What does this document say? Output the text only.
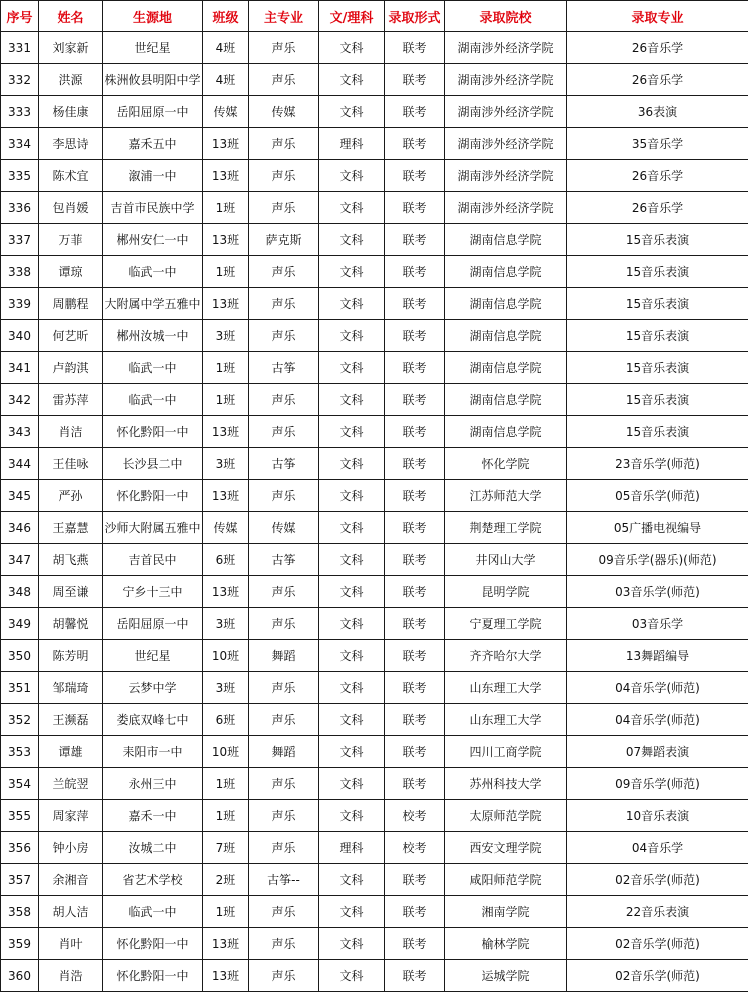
序号	姓名	生源地	班级	主专业	文/理科	录取形式	录取院校	录取专业
331	刘家新	世纪星	4班	声乐	文科	联考	湖南涉外经济学院	26音乐学
332	洪源	株洲攸县明阳中学	4班	声乐	文科	联考	湖南涉外经济学院	26音乐学
333	杨佳康	岳阳屈原一中	传媒	传媒	文科	联考	湖南涉外经济学院	36表演
334	李思诗	嘉禾五中	13班	声乐	理科	联考	湖南涉外经济学院	35音乐学
335	陈术宜	溆浦一中	13班	声乐	文科	联考	湖南涉外经济学院	26音乐学
336	包肖媛	吉首市民族中学	1班	声乐	文科	联考	湖南涉外经济学院	26音乐学
337	万菲	郴州安仁一中	13班	萨克斯	文科	联考	湖南信息学院	15音乐表演
338	谭琼	临武一中	1班	声乐	文科	联考	湖南信息学院	15音乐表演
339	周鹏程	大附属中学五雅中	13班	声乐	文科	联考	湖南信息学院	15音乐表演
340	何艺昕	郴州汝城一中	3班	声乐	文科	联考	湖南信息学院	15音乐表演
341	卢韵淇	临武一中	1班	古筝	文科	联考	湖南信息学院	15音乐表演
342	雷苏萍	临武一中	1班	声乐	文科	联考	湖南信息学院	15音乐表演
343	肖洁	怀化黔阳一中	13班	声乐	文科	联考	湖南信息学院	15音乐表演
344	王佳咏	长沙县二中	3班	古筝	文科	联考	怀化学院	23音乐学(师范)
345	严孙	怀化黔阳一中	13班	声乐	文科	联考	江苏师范大学	05音乐学(师范)
346	王嘉慧	沙师大附属五雅中	传媒	传媒	文科	联考	荆楚理工学院	05广播电视编导
347	胡飞燕	吉首民中	6班	古筝	文科	联考	井冈山大学	09音乐学(器乐)(师范)
348	周至谦	宁乡十三中	13班	声乐	文科	联考	昆明学院	03音乐学(师范)
349	胡馨悦	岳阳屈原一中	3班	声乐	文科	联考	宁夏理工学院	03音乐学
350	陈芳明	世纪星	10班	舞蹈	文科	联考	齐齐哈尔大学	13舞蹈编导
351	邹瑞琦	云梦中学	3班	声乐	文科	联考	山东理工大学	04音乐学(师范)
352	王濒磊	娄底双峰七中	6班	声乐	文科	联考	山东理工大学	04音乐学(师范)
353	谭雄	耒阳市一中	10班	舞蹈	文科	联考	四川工商学院	07舞蹈表演
354	兰皖翌	永州三中	1班	声乐	文科	联考	苏州科技大学	09音乐学(师范)
355	周家萍	嘉禾一中	1班	声乐	文科	校考	太原师范学院	10音乐表演
356	钟小房	汝城二中	7班	声乐	理科	校考	西安文理学院	04音乐学
357	余湘音	省艺术学校	2班	古筝--	文科	联考	咸阳师范学院	02音乐学(师范)
358	胡人洁	临武一中	1班	声乐	文科	联考	湘南学院	22音乐表演
359	肖叶	怀化黔阳一中	13班	声乐	文科	联考	榆林学院	02音乐学(师范)
360	肖浩	怀化黔阳一中	13班	声乐	文科	联考	运城学院	02音乐学(师范)
